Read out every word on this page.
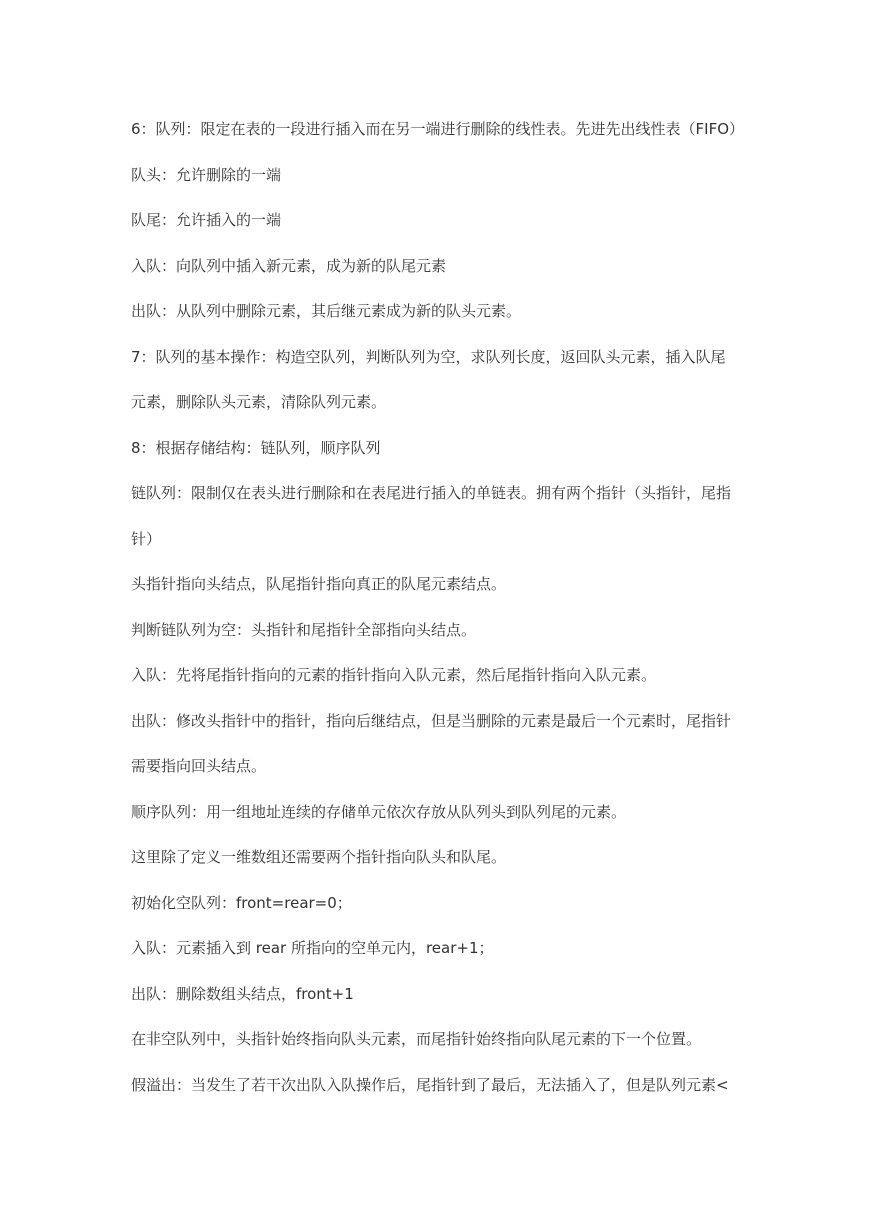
6：队列：限定在表的一段进行插入而在另一端进行删除的线性表。先进先出线性表（FIFO）
队头：允许删除的一端
队尾：允许插入的一端
入队：向队列中插入新元素，成为新的队尾元素
出队：从队列中删除元素，其后继元素成为新的队头元素。
7：队列的基本操作：构造空队列，判断队列为空，求队列长度，返回队头元素，插入队尾
元素，删除队头元素，清除队列元素。
8：根据存储结构：链队列，顺序队列
链队列：限制仅在表头进行删除和在表尾进行插入的单链表。拥有两个指针（头指针，尾指
针）
头指针指向头结点，队尾指针指向真正的队尾元素结点。
判断链队列为空：头指针和尾指针全部指向头结点。
入队：先将尾指针指向的元素的指针指向入队元素，然后尾指针指向入队元素。
出队：修改头指针中的指针，指向后继结点，但是当删除的元素是最后一个元素时，尾指针
需要指向回头结点。
顺序队列：用一组地址连续的存储单元依次存放从队列头到队列尾的元素。
这里除了定义一维数组还需要两个指针指向队头和队尾。
初始化空队列：front=rear=0；
入队：元素插入到 rear 所指向的空单元内，rear+1；
出队：删除数组头结点，front+1
在非空队列中，头指针始终指向队头元素，而尾指针始终指向队尾元素的下一个位置。
假溢出：当发生了若干次出队入队操作后，尾指针到了最后，无法插入了，但是队列元素<
